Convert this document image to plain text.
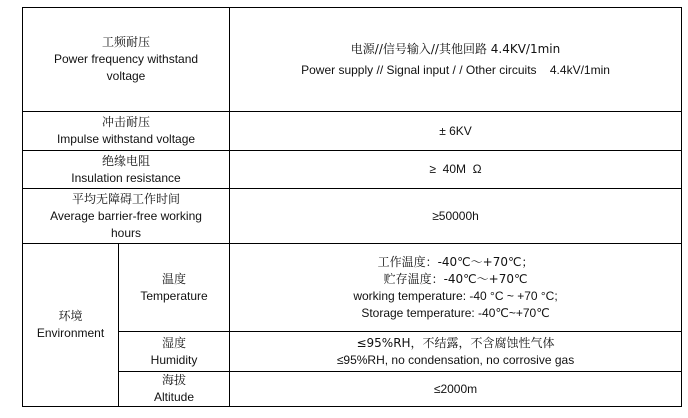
工频耐压
Power frequency withstand
voltage		电源//信号输入//其他回路 4.4KV/1min
Power supply // Signal input / / Other circuits    4.4kV/1min

冲击耐压
Impulse withstand voltage		± 6KV

绝缘电阻
Insulation resistance		≥  40M  Ω

平均无障碍工作时间
Average barrier-free working
hours		≥50000h

环境
Environment	温度
Temperature	工作温度：-40℃～+70℃；
贮存温度：-40℃～+70℃
working temperature: -40 °C ~ +70 °C;
Storage temperature: -40℃~+70℃

	湿度
Humidity	≤95%RH，不结露，不含腐蚀性气体
≤95%RH, no condensation, no corrosive gas

	海拔
Altitude	≤2000m
